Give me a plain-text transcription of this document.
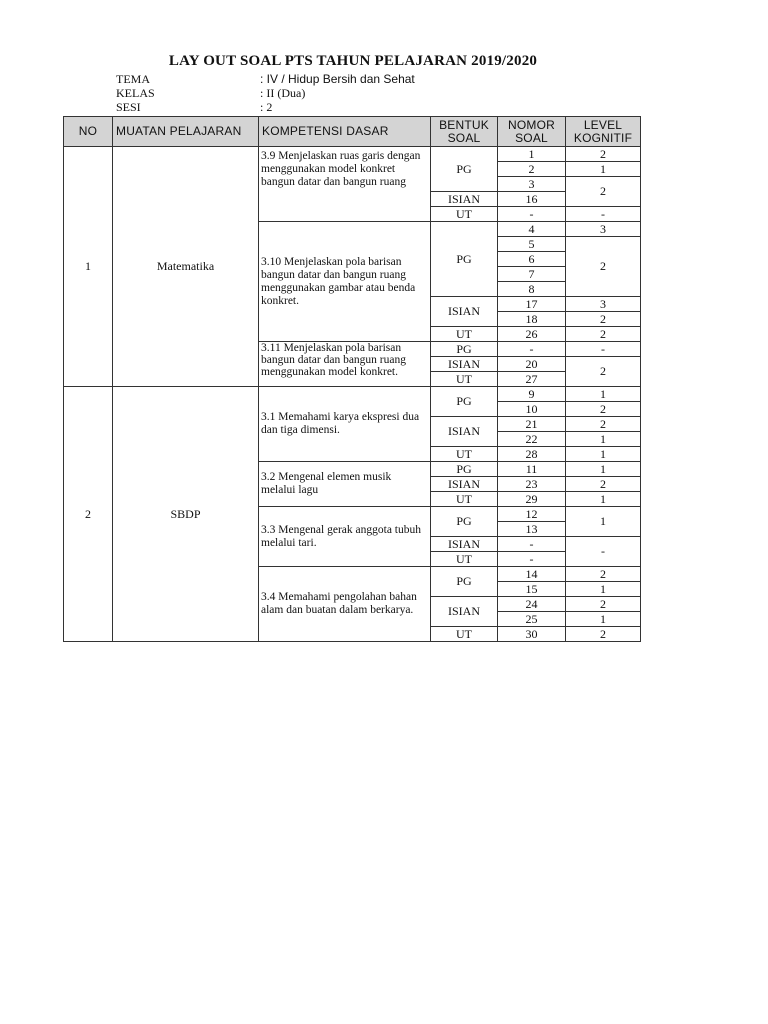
LAY OUT SOAL PTS TAHUN PELAJARAN 2019/2020
TEMA	: IV / Hidup Bersih dan Sehat
KELAS	: II (Dua)
SESI	: 2
NO	MUATAN PELAJARAN	KOMPETENSI DASAR	BENTUK SOAL	NOMOR SOAL	LEVEL KOGNITIF
1	Matematika	3.9 Menjelaskan ruas garis dengan menggunakan model konkret bangun datar dan bangun ruang	PG	1	2
				2	1
				3	2
			ISIAN	16	
			UT	-	-
		3.10 Menjelaskan pola barisan bangun datar dan bangun ruang menggunakan gambar atau benda konkret.	PG	4	3
				5	2
				6	
				7	
				8	
			ISIAN	17	3
				18	2
			UT	26	2
		3.11 Menjelaskan pola barisan bangun datar dan bangun ruang menggunakan model konkret.	PG	-	-
			ISIAN	20	2
			UT	27	
2	SBDP	3.1 Memahami karya ekspresi dua dan tiga dimensi.	PG	9	1
				10	2
			ISIAN	21	2
				22	1
			UT	28	1
		3.2 Mengenal elemen musik melalui lagu	PG	11	1
			ISIAN	23	2
			UT	29	1
		3.3 Mengenal gerak anggota tubuh melalui tari.	PG	12	1
				13	
			ISIAN	-	-
			UT	-	
		3.4 Memahami pengolahan bahan alam dan buatan dalam berkarya.	PG	14	2
				15	1
			ISIAN	24	2
				25	1
			UT	30	2
